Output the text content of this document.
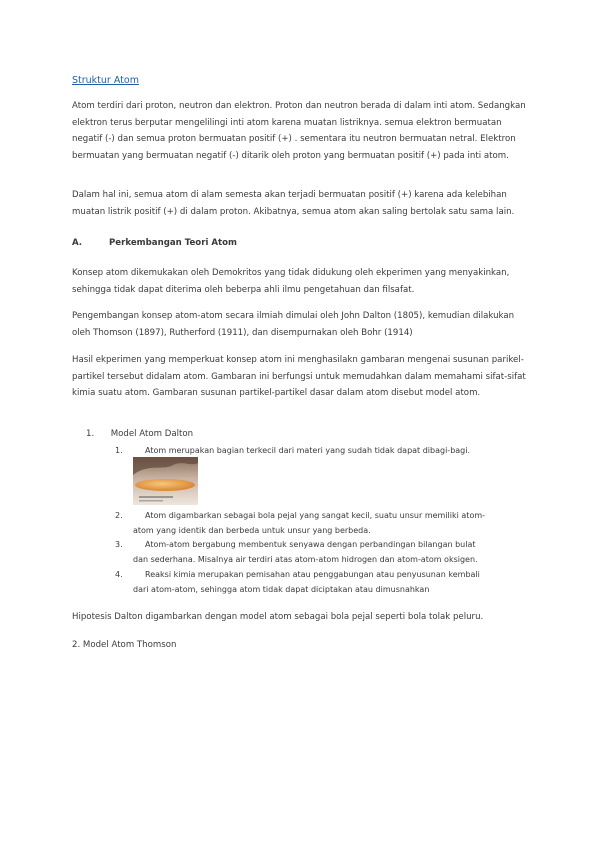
Struktur Atom

Atom terdiri dari proton, neutron dan elektron. Proton dan neutron berada di dalam inti atom. Sedangkan elektron terus berputar mengelilingi inti atom karena muatan listriknya. semua elektron bermuatan negatif (-) dan semua proton bermuatan positif (+) . sementara itu neutron bermuatan netral. Elektron bermuatan yang bermuatan negatif (-) ditarik oleh proton yang bermuatan positif (+) pada inti atom.

Dalam hal ini, semua atom di alam semesta akan terjadi bermuatan positif (+) karena ada kelebihan muatan listrik positif (+) di dalam proton. Akibatnya, semua atom akan saling bertolak satu sama lain.

A.	Perkembangan Teori Atom

Konsep atom dikemukakan oleh Demokritos yang tidak didukung oleh ekperimen yang menyakinkan, sehingga tidak dapat diterima oleh beberpa ahli ilmu pengetahuan dan filsafat.

Pengembangan konsep atom-atom secara ilmiah dimulai oleh John Dalton (1805), kemudian dilakukan oleh Thomson (1897), Rutherford (1911), dan disempurnakan oleh Bohr (1914)

Hasil ekperimen yang memperkuat konsep atom ini menghasilakn gambaran mengenai susunan parikel-partikel tersebut didalam atom. Gambaran ini berfungsi untuk memudahkan dalam memahami sifat-sifat kimia suatu atom. Gambaran susunan partikel-partikel dasar dalam atom disebut model atom.

1. Model Atom Dalton
1.	Atom merupakan bagian terkecil dari materi yang sudah tidak dapat dibagi-bagi.
2.	Atom digambarkan sebagai bola pejal yang sangat kecil, suatu unsur memiliki atom-
atom yang identik dan berbeda untuk unsur yang berbeda.
3.	Atom-atom bergabung membentuk senyawa dengan perbandingan bilangan bulat
dan sederhana. Misalnya air terdiri atas atom-atom hidrogen dan atom-atom oksigen.
4.	Reaksi kimia merupakan pemisahan atau penggabungan atau penyusunan kembali
dari atom-atom, sehingga atom tidak dapat diciptakan atau dimusnahkan

Hipotesis Dalton digambarkan dengan model atom sebagai bola pejal seperti bola tolak peluru.

2. Model Atom Thomson
